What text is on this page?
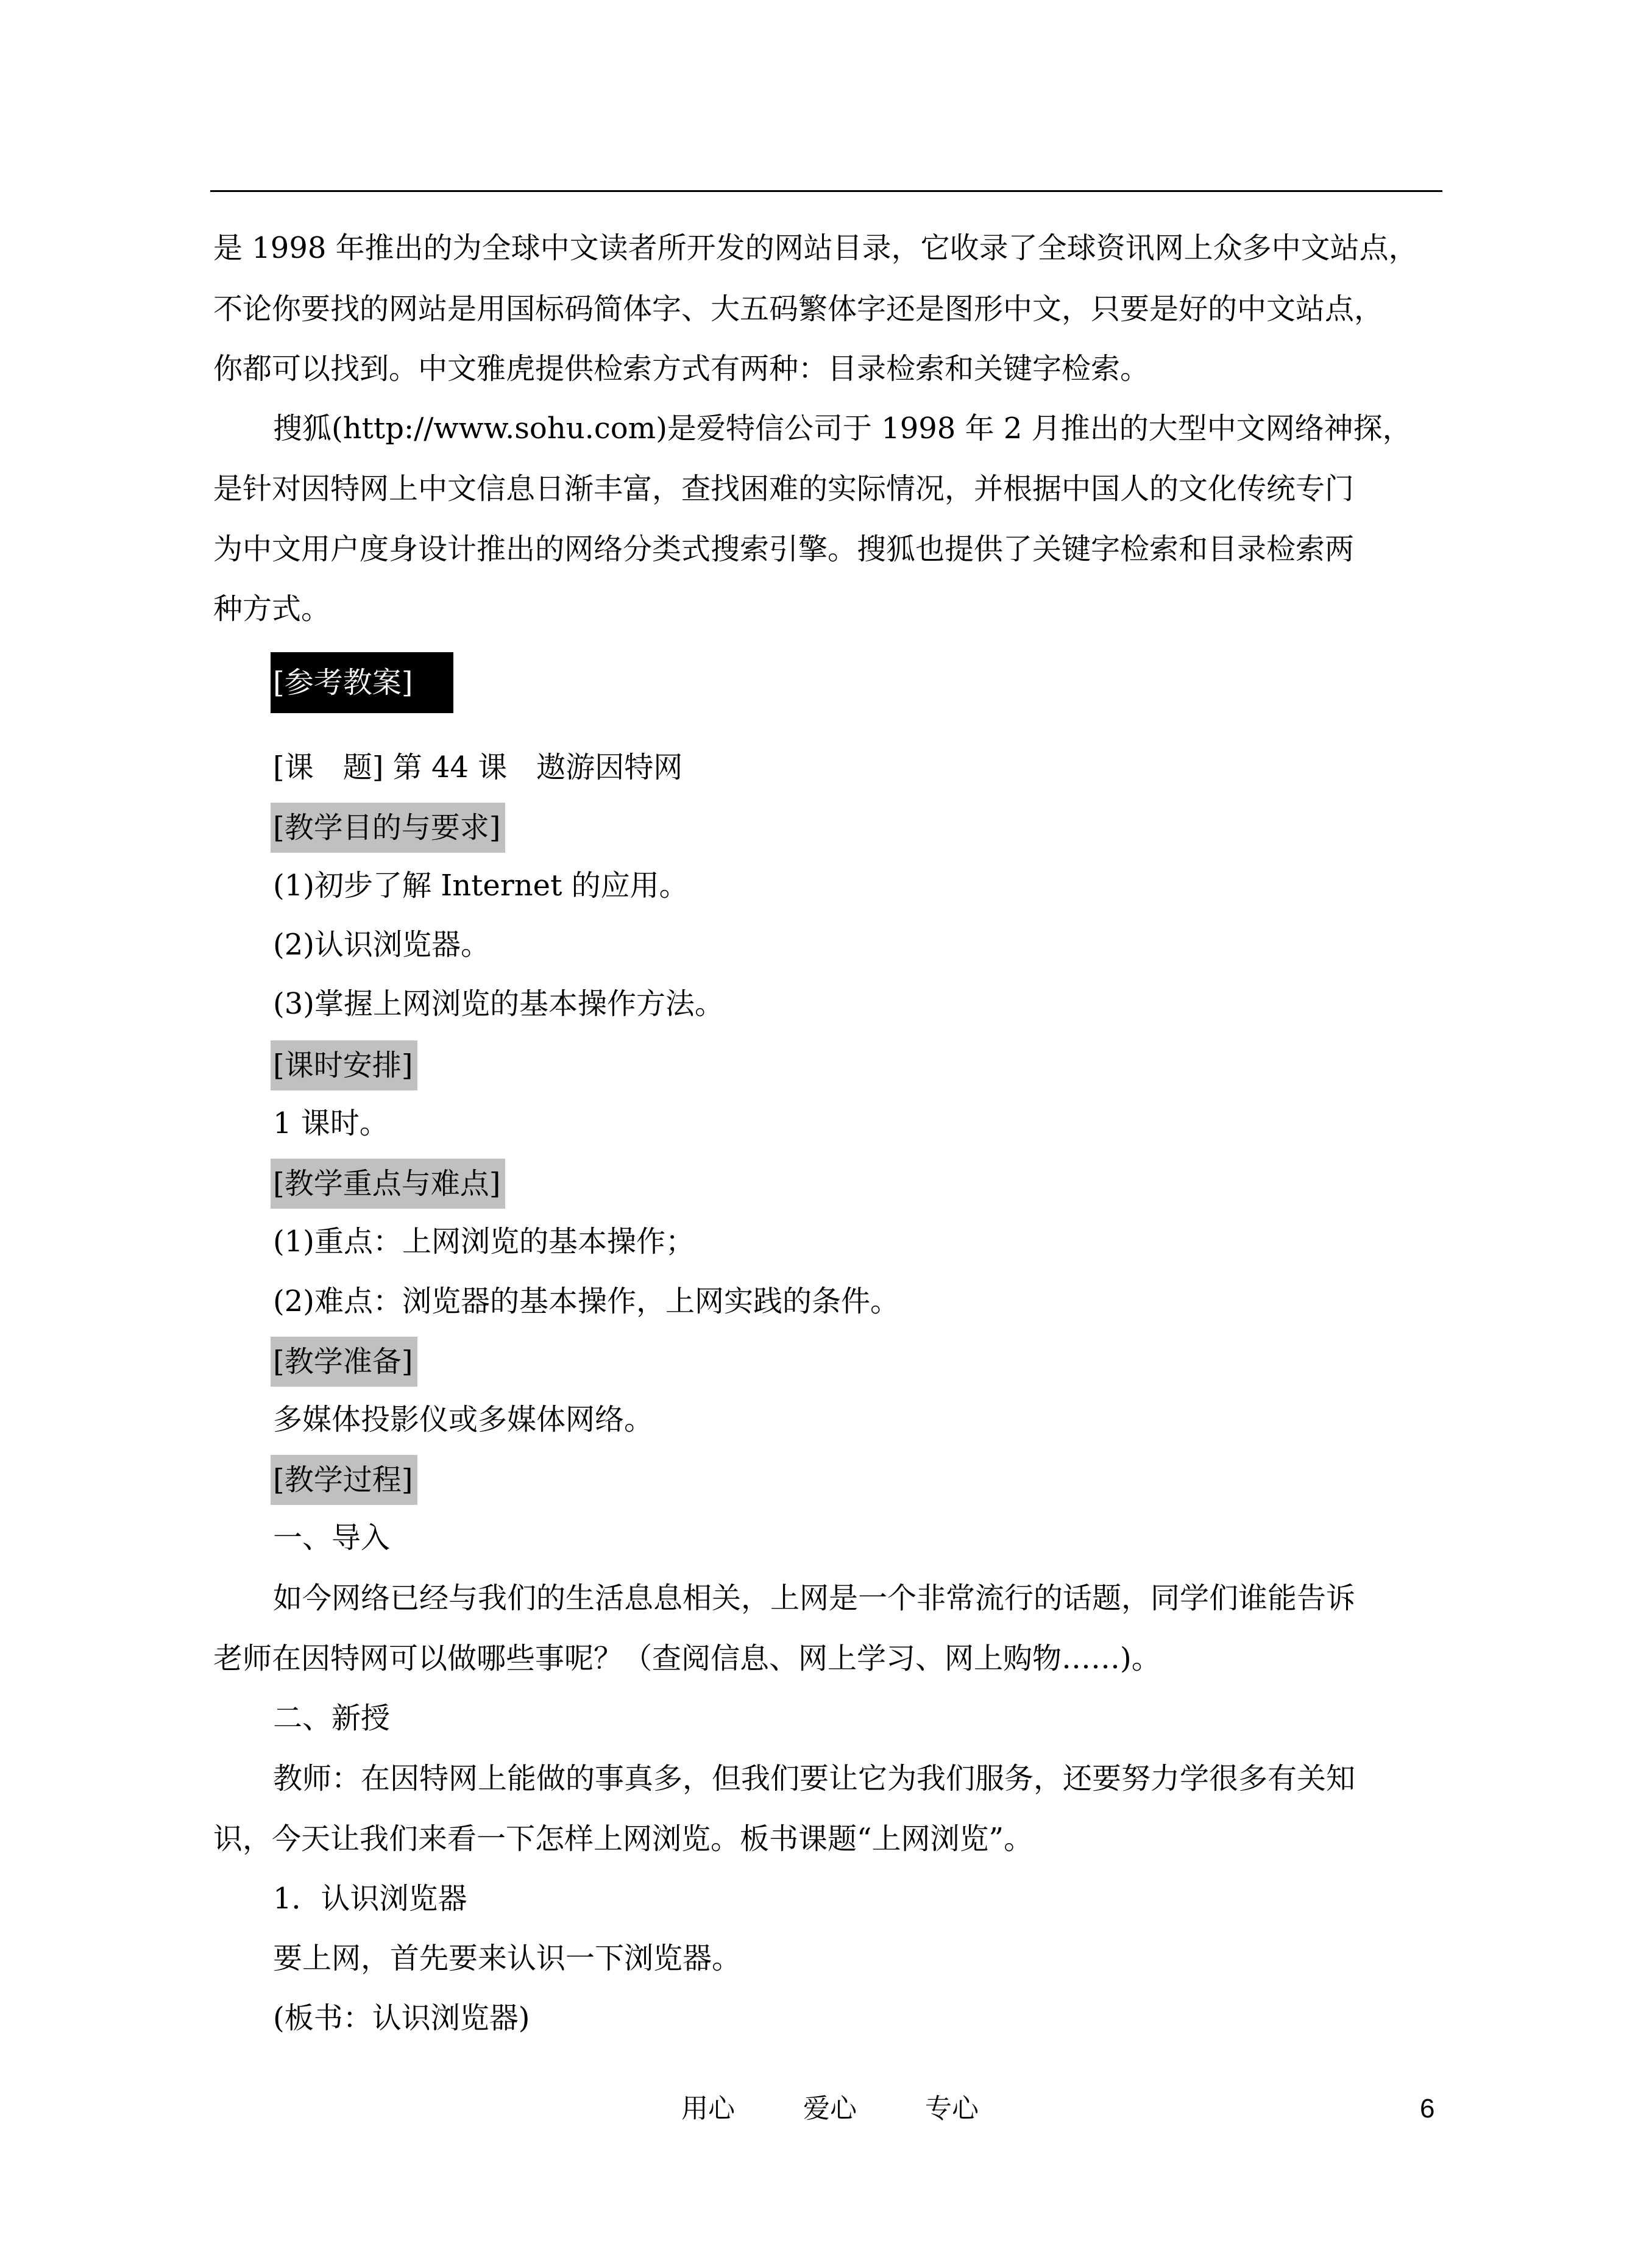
是 1998 年推出的为全球中文读者所开发的网站目录，它收录了全球资讯网上众多中文站点，
不论你要找的网站是用国标码简体字、大五码繁体字还是图形中文，只要是好的中文站点，
你都可以找到。中文雅虎提供检索方式有两种：目录检索和关键字检索。
搜狐(http://www.sohu.com)是爱特信公司于 1998 年 2 月推出的大型中文网络神探，
是针对因特网上中文信息日渐丰富，查找困难的实际情况，并根据中国人的文化传统专门
为中文用户度身设计推出的网络分类式搜索引擎。搜狐也提供了关键字检索和目录检索两
种方式。
[参考教案]
[课　题] 第 44 课　遨游因特网
[教学目的与要求]
(1)初步了解 Internet 的应用。
(2)认识浏览器。
(3)掌握上网浏览的基本操作方法。
[课时安排]
1 课时。
[教学重点与难点]
(1)重点：上网浏览的基本操作；
(2)难点：浏览器的基本操作，上网实践的条件。
[教学准备]
多媒体投影仪或多媒体网络。
[教学过程]
一、导入
如今网络已经与我们的生活息息相关，上网是一个非常流行的话题，同学们谁能告诉
老师在因特网可以做哪些事呢？（查阅信息、网上学习、网上购物……)。
二、新授
教师：在因特网上能做的事真多，但我们要让它为我们服务，还要努力学很多有关知
识，今天让我们来看一下怎样上网浏览。板书课题“上网浏览”。
1．认识浏览器
要上网，首先要来认识一下浏览器。
(板书：认识浏览器)
用心	爱心	专心	6
